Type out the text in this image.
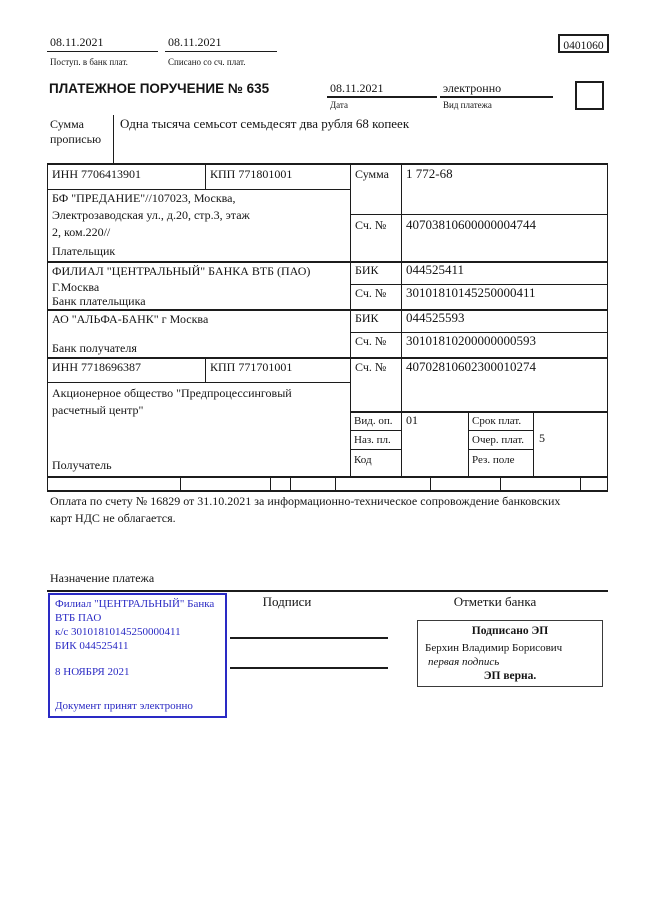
08.11.2021
Поступ. в банк плат.
08.11.2021
Списано со сч. плат.
0401060
ПЛАТЕЖНОЕ ПОРУЧЕНИЕ № 635	08.11.2021
Дата
электронно
Вид платежа
Сумма
прописью
Одна тысяча семьсот семьдесят два рубля 68 копеек
ИНН 7706413901	КПП 771801001	Сумма 1 772-68
БФ "ПРЕДАНИЕ"//107023, Москва,
Электрозаводская ул., д.20, стр.3, этаж
2, ком.220//	Сч. № 40703810600000004744
Плательщик
ФИЛИАЛ "ЦЕНТРАЛЬНЫЙ" БАНКА ВТБ (ПАО)
Г.Москва
БИК 044525411
Сч. № 30101810145250000411
Банк плательщика
АО "АЛЬФА-БАНК" г Москва	БИК 044525593
Сч. № 30101810200000000593
Банк получателя
ИНН 7718696387	КПП 771701001	Сч. № 40702810602300010274
Акционерное общество "Предпроцессинговый
расчетный центр"
Получатель
Вид. оп. 01	Срок плат.
Наз. пл.	Очер. плат. 5
Код	Рез. поле
Оплата по счету № 16829 от 31.10.2021 за информационно-техническое сопровождение банковских
карт НДС не облагается.
Назначение платежа
Филиал "ЦЕНТРАЛЬНЫЙ" Банка
ВТБ ПАО
к/с 30101810145250000411
БИК 044525411
8 НОЯБРЯ 2021
Документ принят электронно
Подписи	Отметки банка
Подписано ЭП
Берхин Владимир Борисович
первая подпись
ЭП верна.
